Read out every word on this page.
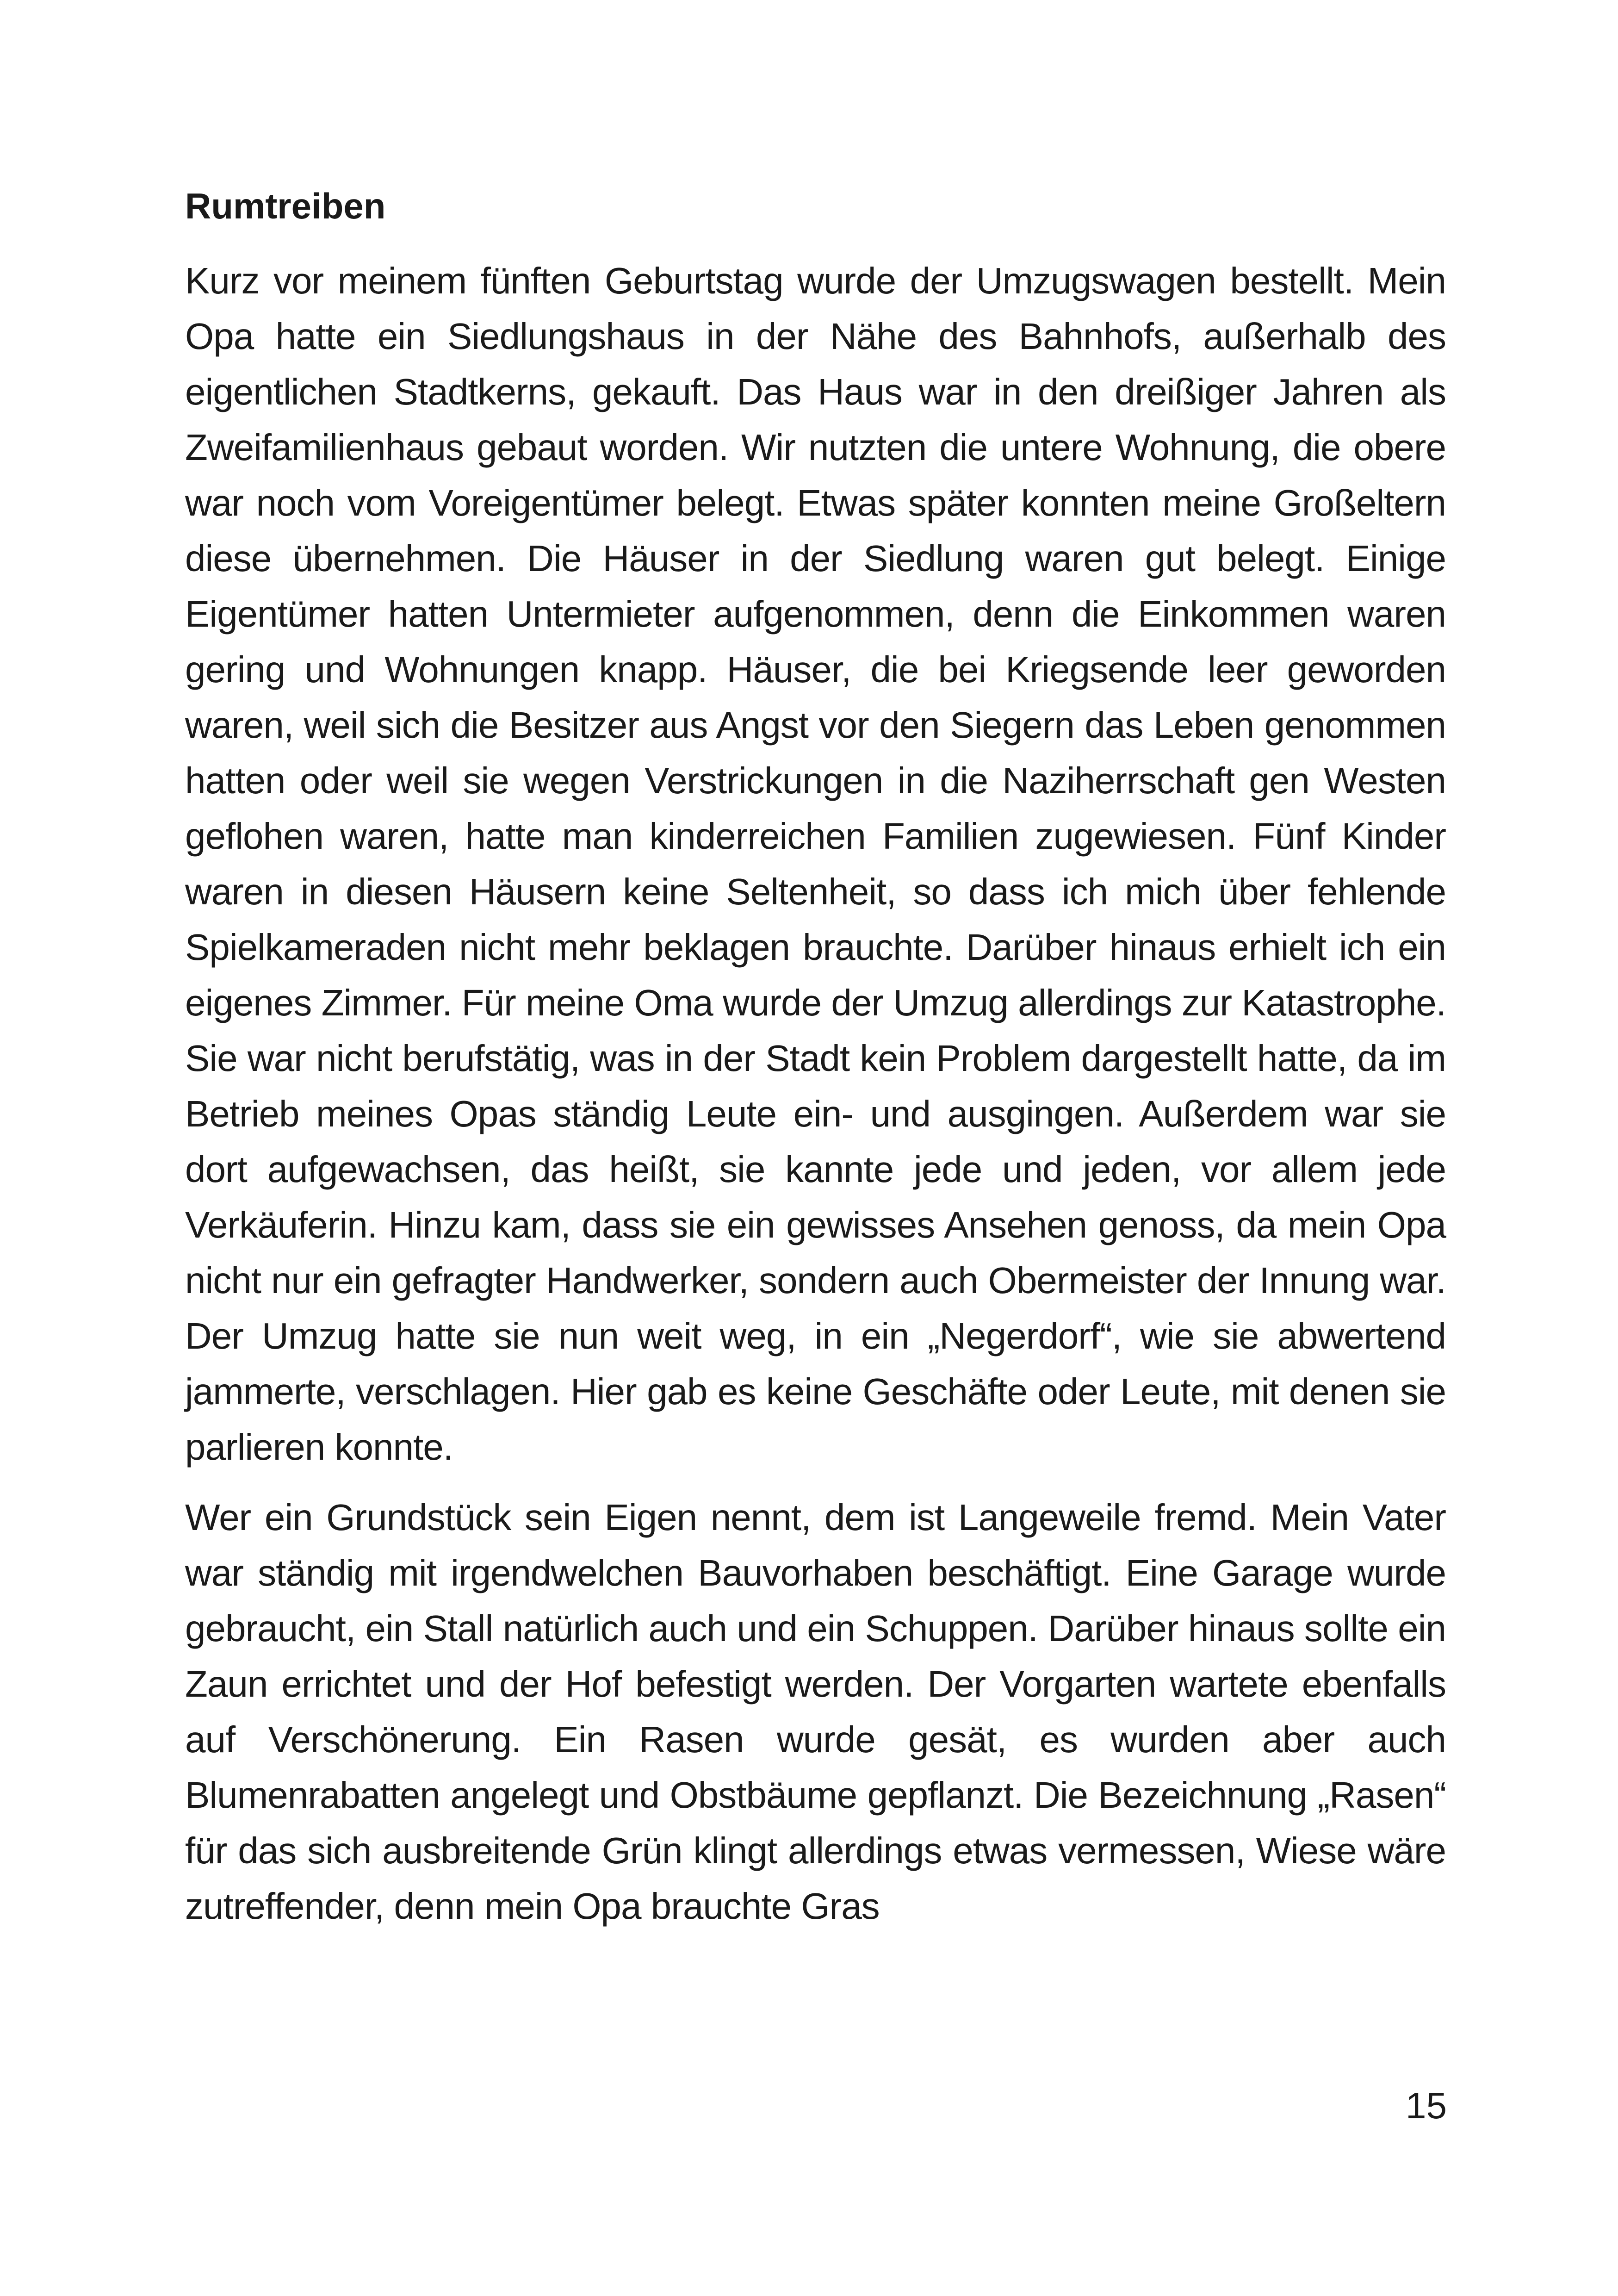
Rumtreiben

Kurz vor meinem fünften Geburtstag wurde der Umzugswagen bestellt. Mein Opa hatte ein Siedlungshaus in der Nähe des Bahnhofs, außerhalb des eigentlichen Stadtkerns, gekauft. Das Haus war in den dreißiger Jahren als Zweifamilienhaus gebaut worden. Wir nutzten die untere Wohnung, die obere war noch vom Voreigentümer belegt. Etwas später konnten meine Großeltern diese übernehmen. Die Häuser in der Siedlung waren gut belegt. Einige Eigentümer hatten Untermieter aufgenommen, denn die Einkommen waren gering und Wohnungen knapp. Häuser, die bei Kriegsende leer geworden waren, weil sich die Besitzer aus Angst vor den Siegern das Leben genommen hatten oder weil sie wegen Verstrickungen in die Naziherrschaft gen Westen geflohen waren, hatte man kinderreichen Familien zugewiesen. Fünf Kinder waren in diesen Häusern keine Seltenheit, so dass ich mich über fehlende Spielkameraden nicht mehr beklagen brauchte. Darüber hinaus erhielt ich ein eigenes Zimmer. Für meine Oma wurde der Umzug allerdings zur Katastrophe. Sie war nicht berufstätig, was in der Stadt kein Problem dargestellt hatte, da im Betrieb meines Opas ständig Leute ein- und ausgingen. Außerdem war sie dort aufgewachsen, das heißt, sie kannte jede und jeden, vor allem jede Verkäuferin. Hinzu kam, dass sie ein gewisses Ansehen genoss, da mein Opa nicht nur ein gefragter Handwerker, sondern auch Obermeister der Innung war. Der Umzug hatte sie nun weit weg, in ein „Negerdorf“, wie sie abwertend jammerte, verschlagen. Hier gab es keine Geschäfte oder Leute, mit denen sie parlieren konnte.

Wer ein Grundstück sein Eigen nennt, dem ist Langeweile fremd. Mein Vater war ständig mit irgendwelchen Bauvorhaben beschäftigt. Eine Garage wurde gebraucht, ein Stall natürlich auch und ein Schuppen. Darüber hinaus sollte ein Zaun errichtet und der Hof befestigt werden. Der Vorgarten wartete ebenfalls auf Verschönerung. Ein Rasen wurde gesät, es wurden aber auch Blumenrabatten angelegt und Obstbäume gepflanzt. Die Bezeichnung „Rasen“ für das sich ausbreitende Grün klingt allerdings etwas vermessen, Wiese wäre zutreffender, denn mein Opa brauchte Gras

15
